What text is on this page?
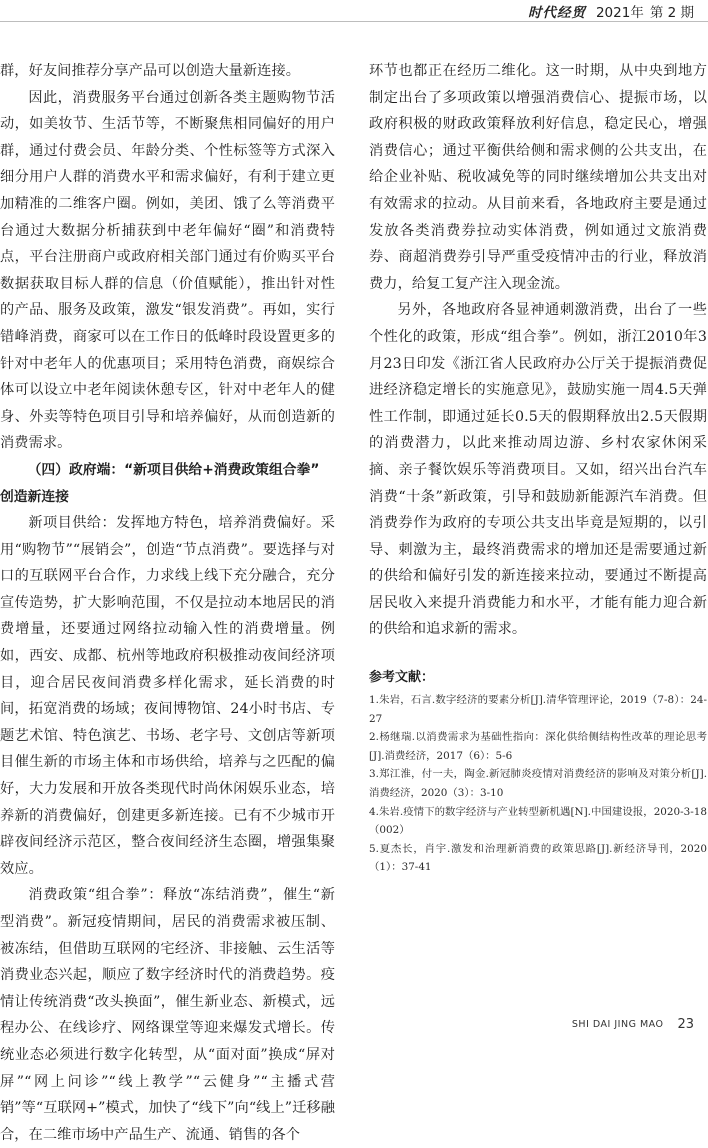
时代经贸 2021年 第 2 期

群，好友间推荐分享产品可以创造大量新连接。

因此，消费服务平台通过创新各类主题购物节活动，如美妆节、生活节等，不断聚焦相同偏好的用户群，通过付费会员、年龄分类、个性标签等方式深入细分用户人群的消费水平和需求偏好，有利于建立更加精准的二维客户圈。例如，美团、饿了么等消费平台通过大数据分析捕获到中老年偏好“圈”和消费特点，平台注册商户或政府相关部门通过有价购买平台数据获取目标人群的信息（价值赋能），推出针对性的产品、服务及政策，激发“银发消费”。再如，实行错峰消费，商家可以在工作日的低峰时段设置更多的针对中老年人的优惠项目；采用特色消费，商娱综合体可以设立中老年阅读休憩专区，针对中老年人的健身、外卖等特色项目引导和培养偏好，从而创造新的消费需求。

（四）政府端：“新项目供给+消费政策组合拳”
创造新连接

新项目供给：发挥地方特色，培养消费偏好。采用“购物节”“展销会”，创造“节点消费”。要选择与对口的互联网平台合作，力求线上线下充分融合，充分宣传造势，扩大影响范围，不仅是拉动本地居民的消费增量，还要通过网络拉动输入性的消费增量。例如，西安、成都、杭州等地政府积极推动夜间经济项目，迎合居民夜间消费多样化需求，延长消费的时间，拓宽消费的场域；夜间博物馆、24小时书店、专题艺术馆、特色演艺、书场、老字号、文创店等新项目催生新的市场主体和市场供给，培养与之匹配的偏好，大力发展和开放各类现代时尚休闲娱乐业态，培养新的消费偏好，创建更多新连接。已有不少城市开辟夜间经济示范区，整合夜间经济生态圈，增强集聚效应。

消费政策“组合拳”：释放“冻结消费”，催生“新型消费”。新冠疫情期间，居民的消费需求被压制、被冻结，但借助互联网的宅经济、非接触、云生活等消费业态兴起，顺应了数字经济时代的消费趋势。疫情让传统消费“改头换面”，催生新业态、新模式，远程办公、在线诊疗、网络课堂等迎来爆发式增长。传统业态必须进行数字化转型，从“面对面”换成“屏对屏”“网上问诊”“线上教学”“云健身”“主播式营销”等“互联网+”模式，加快了“线下”向“线上”迁移融合，在二维市场中产品生产、流通、销售的各个

环节也都正在经历二维化。这一时期，从中央到地方制定出台了多项政策以增强消费信心、提振市场，以政府积极的财政政策释放利好信息，稳定民心，增强消费信心；通过平衡供给侧和需求侧的公共支出，在给企业补贴、税收减免等的同时继续增加公共支出对有效需求的拉动。从目前来看，各地政府主要是通过发放各类消费券拉动实体消费，例如通过文旅消费券、商超消费券引导严重受疫情冲击的行业，释放消费力，给复工复产注入现金流。

另外，各地政府各显神通刺激消费，出台了一些个性化的政策，形成“组合拳”。例如，浙江2010年3月23日印发《浙江省人民政府办公厅关于提振消费促进经济稳定增长的实施意见》，鼓励实施一周4.5天弹性工作制，即通过延长0.5天的假期释放出2.5天假期的消费潜力，以此来推动周边游、乡村农家休闲采摘、亲子餐饮娱乐等消费项目。又如，绍兴出台汽车消费“十条”新政策，引导和鼓励新能源汽车消费。但消费券作为政府的专项公共支出毕竟是短期的，以引导、刺激为主，最终消费需求的增加还是需要通过新的供给和偏好引发的新连接来拉动，要通过不断提高居民收入来提升消费能力和水平，才能有能力迎合新的供给和追求新的需求。

参考文献：

1.朱岩，石言.数字经济的要素分析[J].清华管理评论，2019（7-8）：24-27

2.杨继瑞.以消费需求为基础性指向：深化供给侧结构性改革的理论思考[J].消费经济，2017（6）：5-6

3.郑江淮，付一夫，陶金.新冠肺炎疫情对消费经济的影响及对策分析[J].消费经济，2020（3）：3-10

4.朱岩.疫情下的数字经济与产业转型新机遇[N].中国建设报，2020-3-18（002）

5.夏杰长，肖宇.激发和治理新消费的政策思路[J].新经济导刊，2020（1）：37-41

SHI DAI JING MAO 23
